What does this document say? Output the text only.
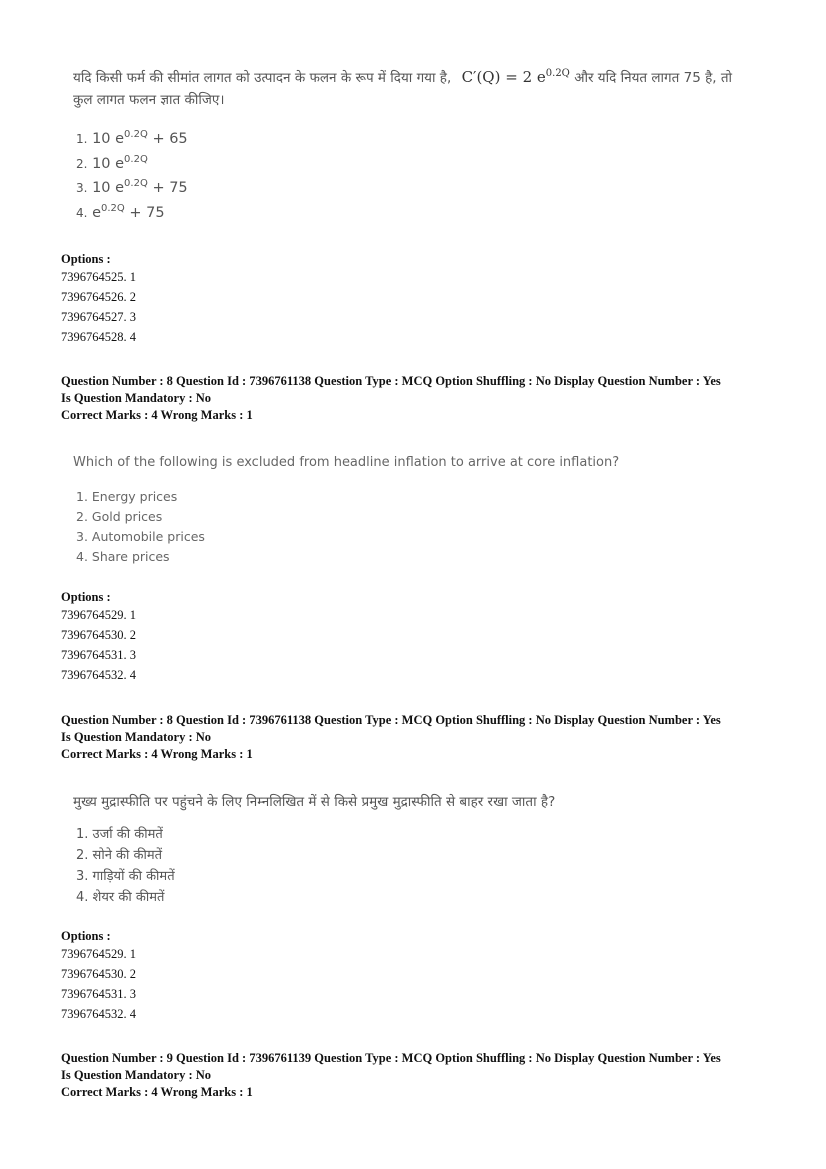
यदि किसी फर्म की सीमांत लागत को उत्पादन के फलन के रूप में दिया गया है, C′(Q) = 2 $e^{0.2Q}$ और यदि नियत लागत 75 है, तो
कुल लागत फलन ज्ञात कीजिए।
1. 10 $e^{0.2Q} + 65$
2. 10 $e^{0.2Q}$
3. 10 $e^{0.2Q} + 75$
4. $e^{0.2Q} + 75$
Options :
7396764525. 1
7396764526. 2
7396764527. 3
7396764528. 4
Question Number : 8 Question Id : 7396761138 Question Type : MCQ Option Shuffling : No Display Question Number : Yes
Is Question Mandatory : No
Correct Marks : 4 Wrong Marks : 1
Which of the following is excluded from headline inflation to arrive at core inflation?
1. Energy prices
2. Gold prices
3. Automobile prices
4. Share prices
Options :
7396764529. 1
7396764530. 2
7396764531. 3
7396764532. 4
Question Number : 8 Question Id : 7396761138 Question Type : MCQ Option Shuffling : No Display Question Number : Yes
Is Question Mandatory : No
Correct Marks : 4 Wrong Marks : 1
मुख्य मुद्रास्फीति पर पहुंचने के लिए निम्नलिखित में से किसे प्रमुख मुद्रास्फीति से बाहर रखा जाता है?
1. उर्जा की कीमतें
2. सोने की कीमतें
3. गाड़ियों की कीमतें
4. शेयर की कीमतें
Options :
7396764529. 1
7396764530. 2
7396764531. 3
7396764532. 4
Question Number : 9 Question Id : 7396761139 Question Type : MCQ Option Shuffling : No Display Question Number : Yes
Is Question Mandatory : No
Correct Marks : 4 Wrong Marks : 1
